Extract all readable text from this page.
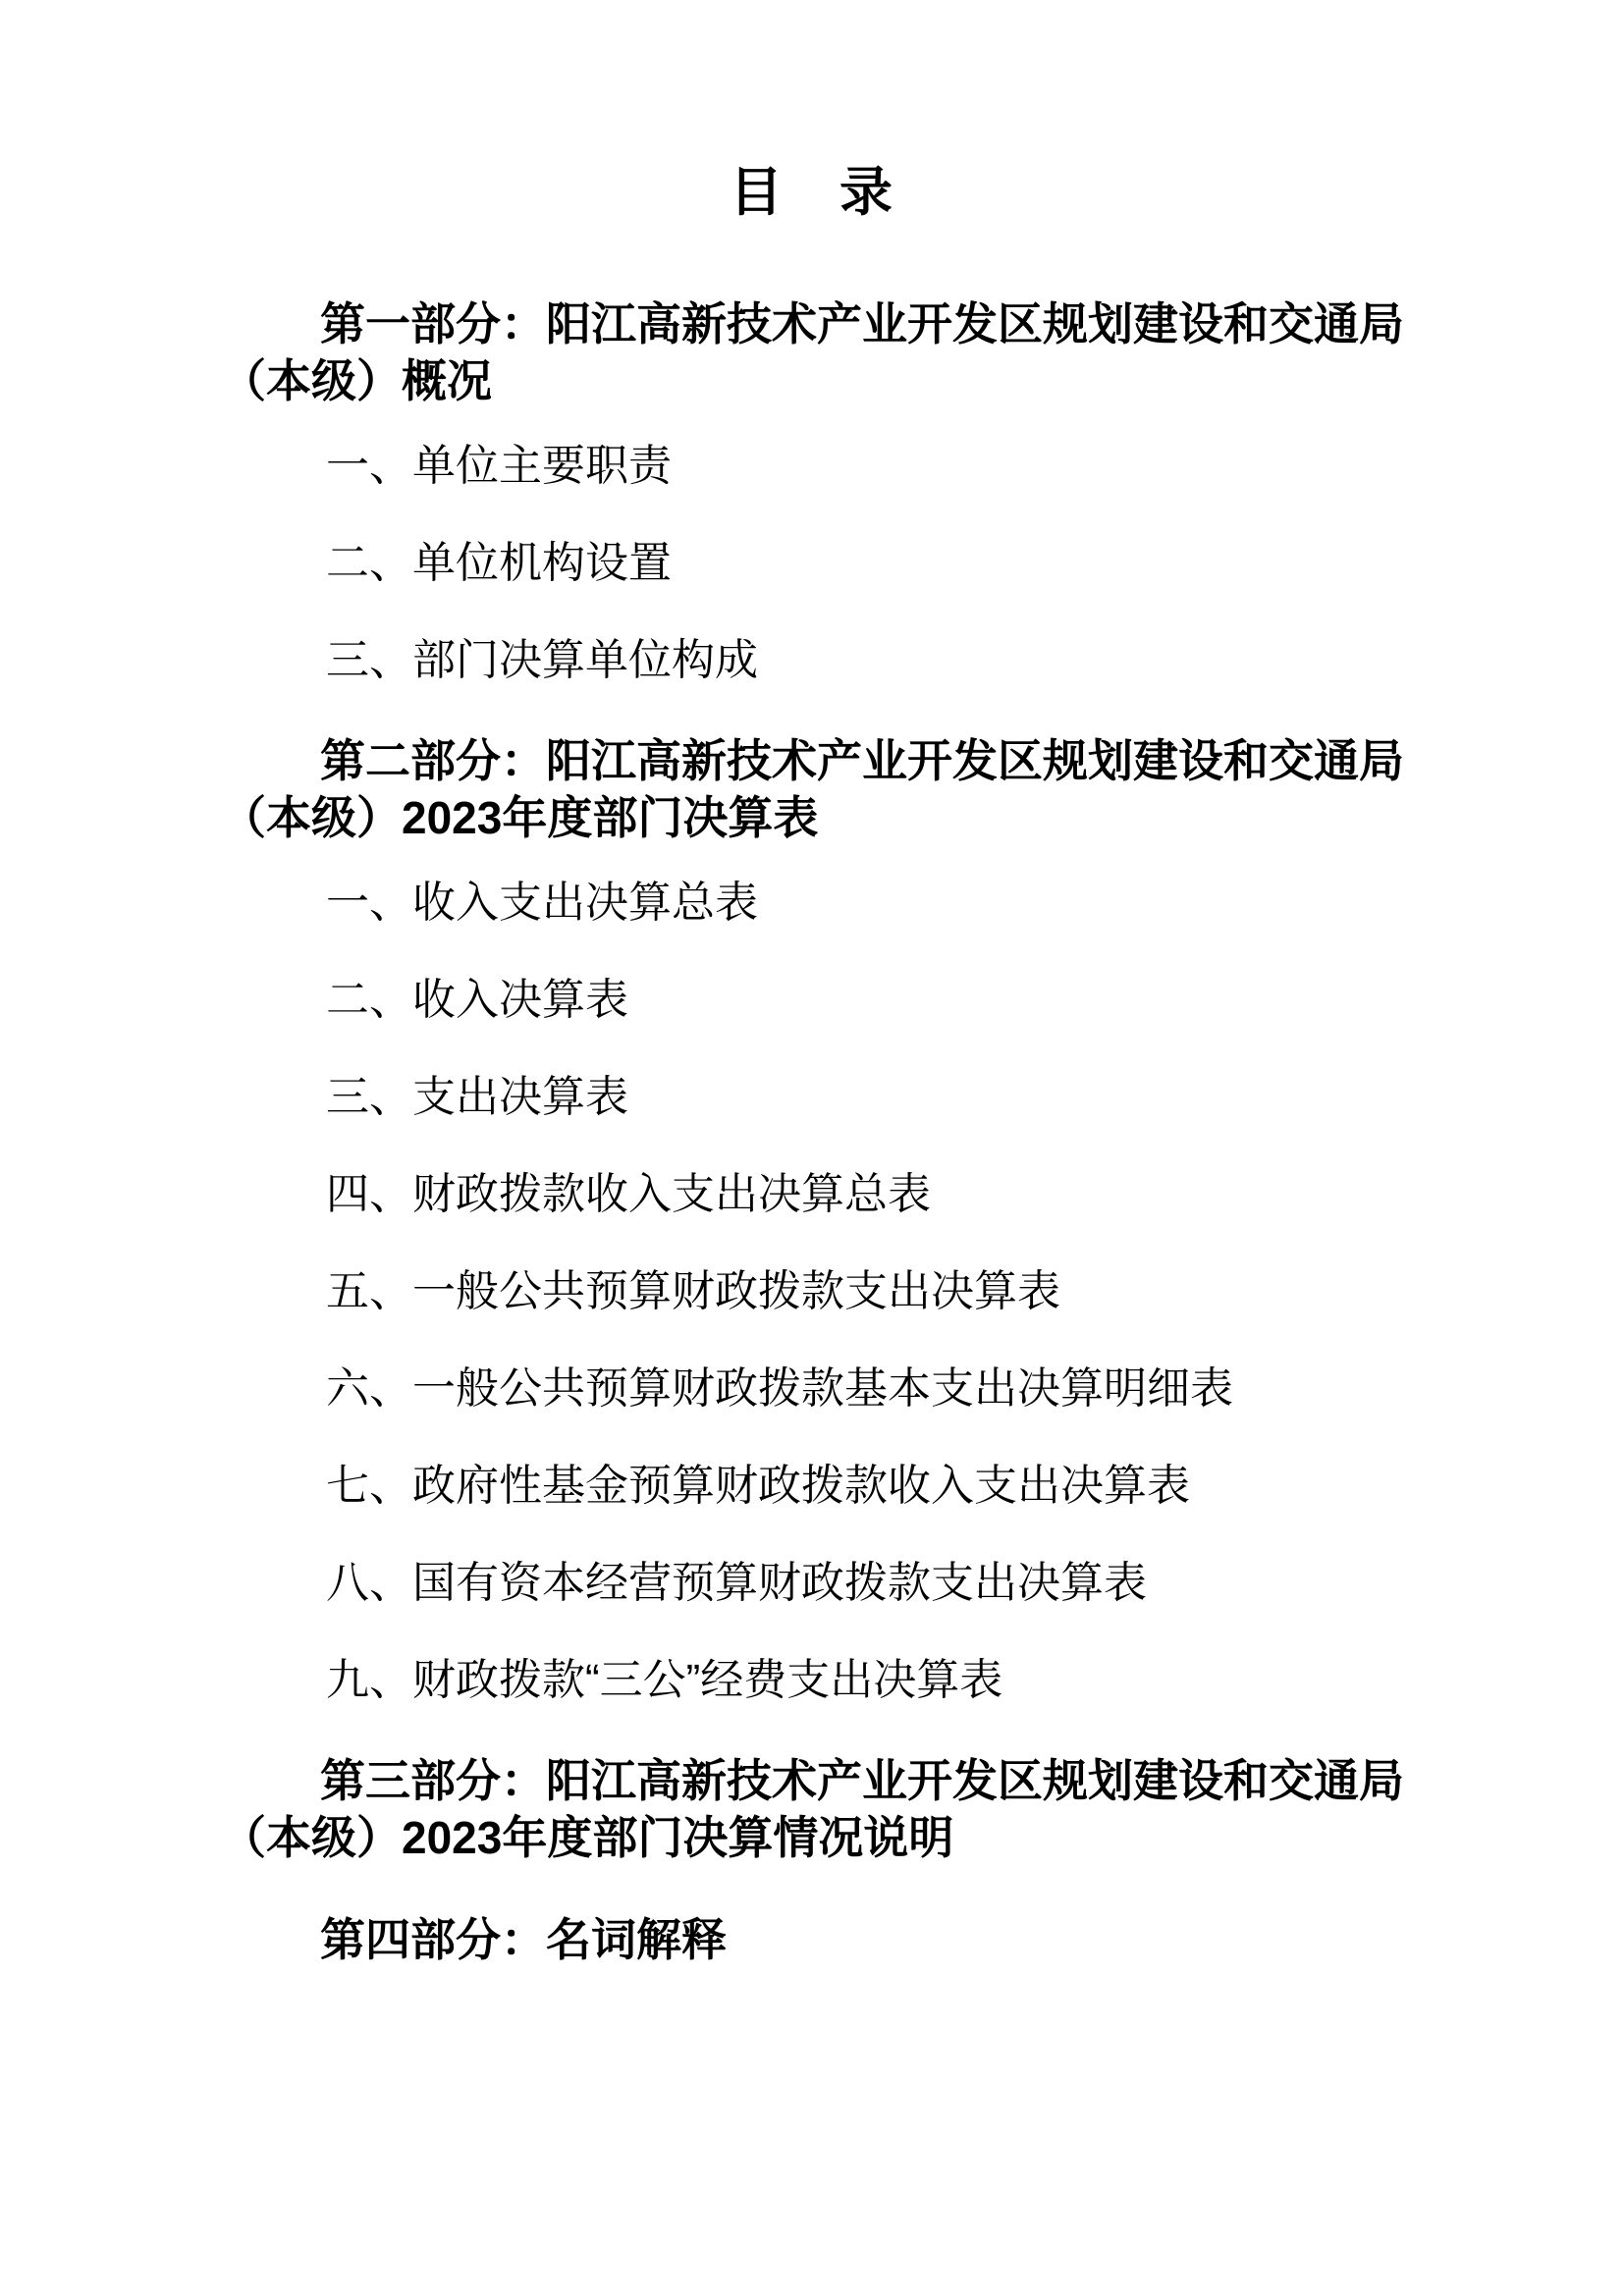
目　录
第一部分：阳江高新技术产业开发区规划建设和交通局
（本级）概况

一、单位主要职责

二、单位机构设置

三、部门决算单位构成

第二部分：阳江高新技术产业开发区规划建设和交通局
（本级）2023年度部门决算表

一、收入支出决算总表

二、收入决算表

三、支出决算表

四、财政拨款收入支出决算总表

五、一般公共预算财政拨款支出决算表

六、一般公共预算财政拨款基本支出决算明细表

七、政府性基金预算财政拨款收入支出决算表

八、国有资本经营预算财政拨款支出决算表

九、财政拨款“三公”经费支出决算表

第三部分：阳江高新技术产业开发区规划建设和交通局
（本级）2023年度部门决算情况说明
第四部分：名词解释
